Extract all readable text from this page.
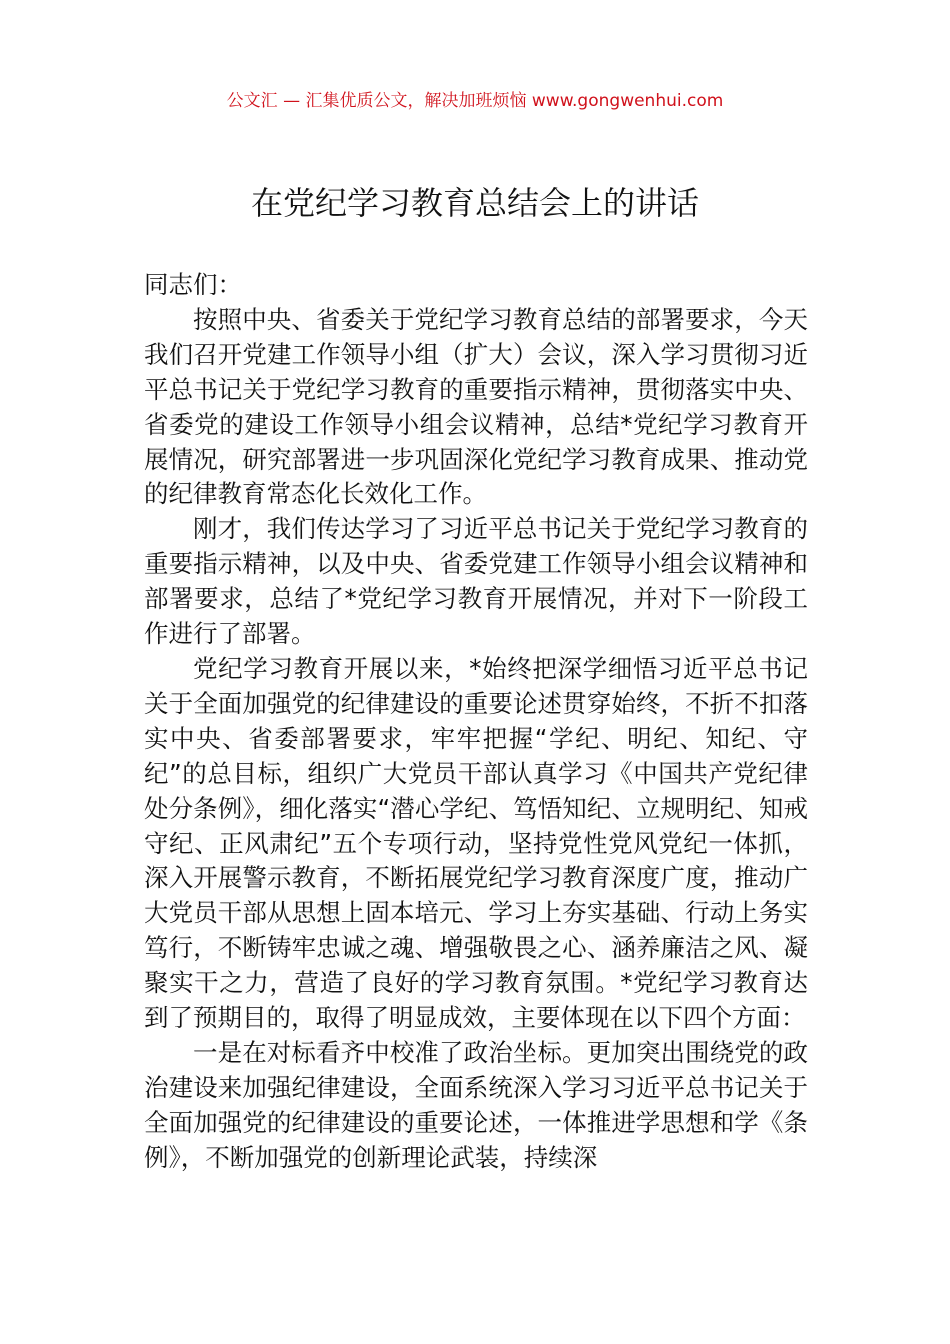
公文汇 — 汇集优质公文，解决加班烦恼 www.gongwenhui.com
在党纪学习教育总结会上的讲话

同志们：

按照中央、省委关于党纪学习教育总结的部署要求，今天我们召开党建工作领导小组（扩大）会议，深入学习贯彻习近平总书记关于党纪学习教育的重要指示精神，贯彻落实中央、省委党的建设工作领导小组会议精神，总结*党纪学习教育开展情况，研究部署进一步巩固深化党纪学习教育成果、推动党的纪律教育常态化长效化工作。

刚才，我们传达学习了习近平总书记关于党纪学习教育的重要指示精神，以及中央、省委党建工作领导小组会议精神和部署要求，总结了*党纪学习教育开展情况，并对下一阶段工作进行了部署。

党纪学习教育开展以来，*始终把深学细悟习近平总书记关于全面加强党的纪律建设的重要论述贯穿始终，不折不扣落实中央、省委部署要求，牢牢把握“学纪、明纪、知纪、守纪”的总目标，组织广大党员干部认真学习《中国共产党纪律处分条例》，细化落实“潜心学纪、笃悟知纪、立规明纪、知戒守纪、正风肃纪”五个专项行动，坚持党性党风党纪一体抓，深入开展警示教育，不断拓展党纪学习教育深度广度，推动广大党员干部从思想上固本培元、学习上夯实基础、行动上务实笃行，不断铸牢忠诚之魂、增强敬畏之心、涵养廉洁之风、凝聚实干之力，营造了良好的学习教育氛围。*党纪学习教育达到了预期目的，取得了明显成效，主要体现在以下四个方面：

一是在对标看齐中校准了政治坐标。更加突出围绕党的政治建设来加强纪律建设，全面系统深入学习习近平总书记关于全面加强党的纪律建设的重要论述，一体推进学思想和学《条例》，不断加强党的创新理论武装，持续深
